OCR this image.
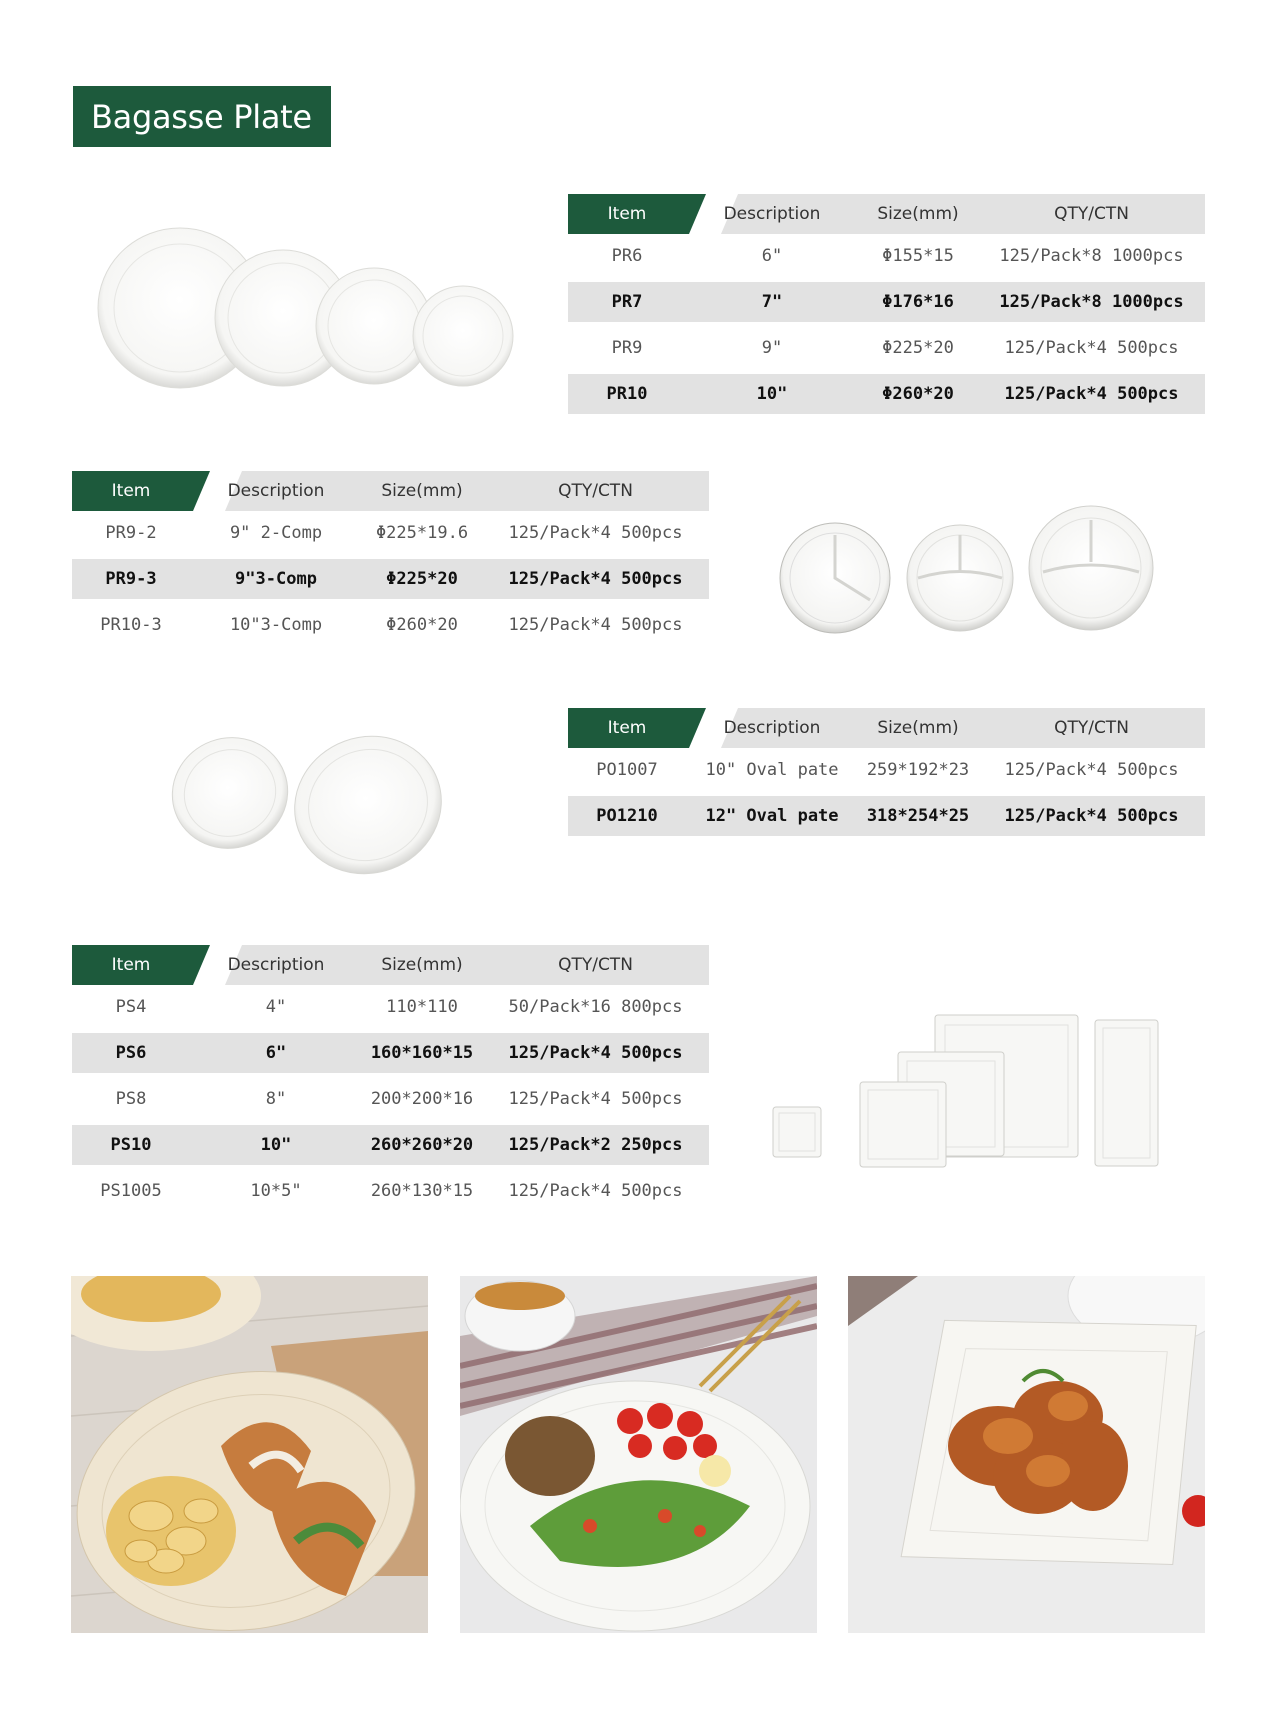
Bagasse Plate
Item	Description	Size(mm)	QTY/CTN
PR6	6"	Φ155*15	125/Pack*8 1000pcs
PR7	7"	Φ176*16	125/Pack*8 1000pcs
PR9	9"	Φ225*20	125/Pack*4 500pcs
PR10	10"	Φ260*20	125/Pack*4 500pcs
Item	Description	Size(mm)	QTY/CTN
PR9-2	9" 2-Comp	Φ225*19.6	125/Pack*4 500pcs
PR9-3	9"3-Comp	Φ225*20	125/Pack*4 500pcs
PR10-3	10"3-Comp	Φ260*20	125/Pack*4 500pcs
Item	Description	Size(mm)	QTY/CTN
PO1007	10" Oval pate	259*192*23	125/Pack*4 500pcs
PO1210	12" Oval pate	318*254*25	125/Pack*4 500pcs
Item	Description	Size(mm)	QTY/CTN
PS4	4"	110*110	50/Pack*16 800pcs
PS6	6"	160*160*15	125/Pack*4 500pcs
PS8	8"	200*200*16	125/Pack*4 500pcs
PS10	10"	260*260*20	125/Pack*2 250pcs
PS1005	10*5"	260*130*15	125/Pack*4 500pcs
